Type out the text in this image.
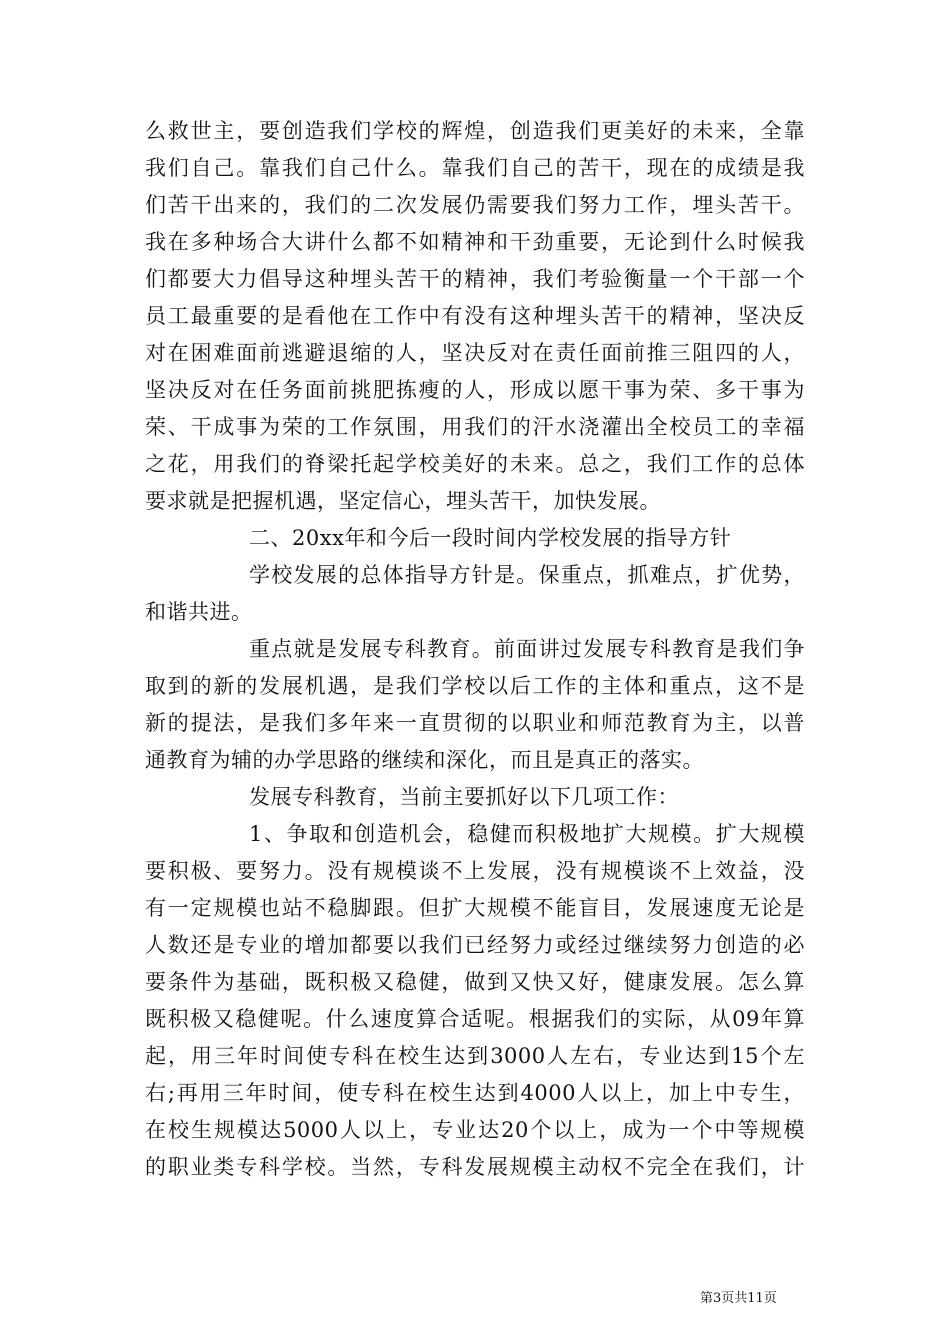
么救世主，要创造我们学校的辉煌，创造我们更美好的未来，全靠
我们自己。靠我们自己什么。靠我们自己的苦干，现在的成绩是我
们苦干出来的，我们的二次发展仍需要我们努力工作，埋头苦干。
我在多种场合大讲什么都不如精神和干劲重要，无论到什么时候我
们都要大力倡导这种埋头苦干的精神，我们考验衡量一个干部一个
员工最重要的是看他在工作中有没有这种埋头苦干的精神，坚决反
对在困难面前逃避退缩的人，坚决反对在责任面前推三阻四的人，
坚决反对在任务面前挑肥拣瘦的人，形成以愿干事为荣、多干事为
荣、干成事为荣的工作氛围，用我们的汗水浇灌出全校员工的幸福
之花，用我们的脊梁托起学校美好的未来。总之，我们工作的总体
要求就是把握机遇，坚定信心，埋头苦干，加快发展。
二、20xx年和今后一段时间内学校发展的指导方针
学校发展的总体指导方针是。保重点，抓难点，扩优势，
和谐共进。
重点就是发展专科教育。前面讲过发展专科教育是我们争
取到的新的发展机遇，是我们学校以后工作的主体和重点，这不是
新的提法，是我们多年来一直贯彻的以职业和师范教育为主，以普
通教育为辅的办学思路的继续和深化，而且是真正的落实。
发展专科教育，当前主要抓好以下几项工作：
1、争取和创造机会，稳健而积极地扩大规模。扩大规模
要积极、要努力。没有规模谈不上发展，没有规模谈不上效益，没
有一定规模也站不稳脚跟。但扩大规模不能盲目，发展速度无论是
人数还是专业的增加都要以我们已经努力或经过继续努力创造的必
要条件为基础，既积极又稳健，做到又快又好，健康发展。怎么算
既积极又稳健呢。什么速度算合适呢。根据我们的实际，从09年算
起，用三年时间使专科在校生达到3000人左右，专业达到15个左
右;再用三年时间，使专科在校生达到4000人以上，加上中专生，
在校生规模达5000人以上，专业达20个以上，成为一个中等规模
的职业类专科学校。当然，专科发展规模主动权不完全在我们，计
第3页共11页
